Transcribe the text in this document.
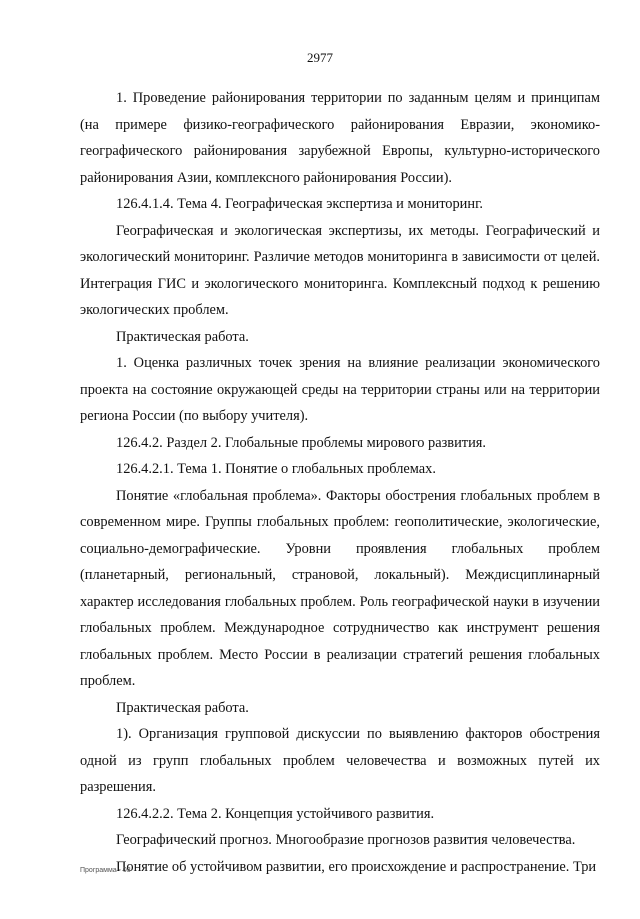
2977

1. Проведение районирования территории по заданным целям и принципам (на примере физико-географического районирования Евразии, экономико-географического районирования зарубежной Европы, культурно-исторического районирования Азии, комплексного районирования России).

126.4.1.4. Тема 4. Географическая экспертиза и мониторинг.

Географическая и экологическая экспертизы, их методы. Географический и экологический мониторинг. Различие методов мониторинга в зависимости от целей. Интеграция ГИС и экологического мониторинга. Комплексный подход к решению экологических проблем.

Практическая работа.

1. Оценка различных точек зрения на влияние реализации экономического проекта на состояние окружающей среды на территории страны или на территории региона России (по выбору учителя).

126.4.2. Раздел 2. Глобальные проблемы мирового развития.

126.4.2.1. Тема 1. Понятие о глобальных проблемах.

Понятие «глобальная проблема». Факторы обострения глобальных проблем в современном мире. Группы глобальных проблем: геополитические, экологические, социально-демографические. Уровни проявления глобальных проблем (планетарный, региональный, страновой, локальный). Междисциплинарный характер исследования глобальных проблем. Роль географической науки в изучении глобальных проблем. Международное сотрудничество как инструмент решения глобальных проблем. Место России в реализации стратегий решения глобальных проблем.

Практическая работа.

1). Организация групповой дискуссии по выявлению факторов обострения одной из групп глобальных проблем человечества и возможных путей их разрешения.

126.4.2.2. Тема 2. Концепция устойчивого развития.

Географический прогноз. Многообразие прогнозов развития человечества.

Понятие об устойчивом развитии, его происхождение и распространение. Три

Программа - 03
